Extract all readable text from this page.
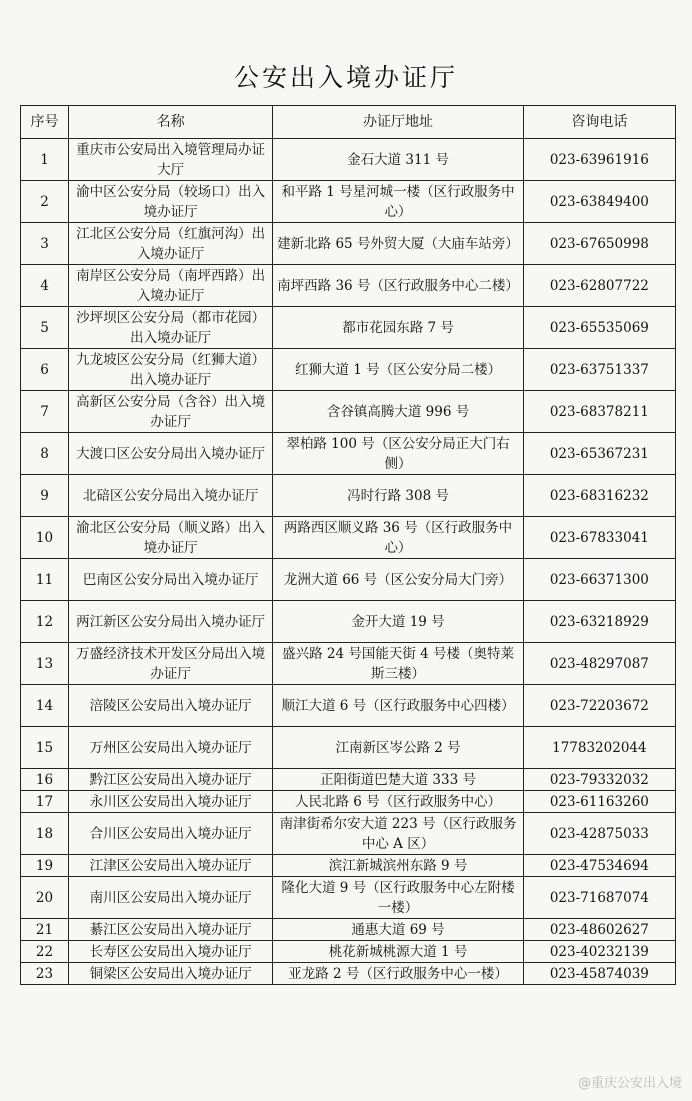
公安出入境办证厅
序号	名称	办证厅地址	咨询电话
1	重庆市公安局出入境管理局办证大厅	金石大道 311 号	023-63961916
2	渝中区公安分局（较场口）出入境办证厅	和平路 1 号星河城一楼（区行政服务中心）	023-63849400
3	江北区公安分局（红旗河沟）出入境办证厅	建新北路 65 号外贸大厦（大庙车站旁）	023-67650998
4	南岸区公安分局（南坪西路）出入境办证厅	南坪西路 36 号（区行政服务中心二楼）	023-62807722
5	沙坪坝区公安分局（都市花园）出入境办证厅	都市花园东路 7 号	023-65535069
6	九龙坡区公安分局（红狮大道）出入境办证厅	红狮大道 1 号（区公安分局二楼）	023-63751337
7	高新区公安分局（含谷）出入境办证厅	含谷镇高腾大道 996 号	023-68378211
8	大渡口区公安分局出入境办证厅	翠柏路 100 号（区公安分局正大门右侧）	023-65367231
9	北碚区公安分局出入境办证厅	冯时行路 308 号	023-68316232
10	渝北区公安分局（顺义路）出入境办证厅	两路西区顺义路 36 号（区行政服务中心）	023-67833041
11	巴南区公安分局出入境办证厅	龙洲大道 66 号（区公安分局大门旁）	023-66371300
12	两江新区公安分局出入境办证厅	金开大道 19 号	023-63218929
13	万盛经济技术开发区分局出入境办证厅	盛兴路 24 号国能天街 4 号楼（奥特莱斯三楼）	023-48297087
14	涪陵区公安局出入境办证厅	顺江大道 6 号（区行政服务中心四楼）	023-72203672
15	万州区公安局出入境办证厅	江南新区岑公路 2 号	17783202044
16	黔江区公安局出入境办证厅	正阳街道巴楚大道 333 号	023-79332032
17	永川区公安局出入境办证厅	人民北路 6 号（区行政服务中心）	023-61163260
18	合川区公安局出入境办证厅	南津街希尔安大道 223 号（区行政服务中心 A 区）	023-42875033
19	江津区公安局出入境办证厅	滨江新城滨州东路 9 号	023-47534694
20	南川区公安局出入境办证厅	隆化大道 9 号（区行政服务中心左附楼一楼）	023-71687074
21	綦江区公安局出入境办证厅	通惠大道 69 号	023-48602627
22	长寿区公安局出入境办证厅	桃花新城桃源大道 1 号	023-40232139
23	铜梁区公安局出入境办证厅	亚龙路 2 号（区行政服务中心一楼）	023-45874039
@重庆公安出入境
